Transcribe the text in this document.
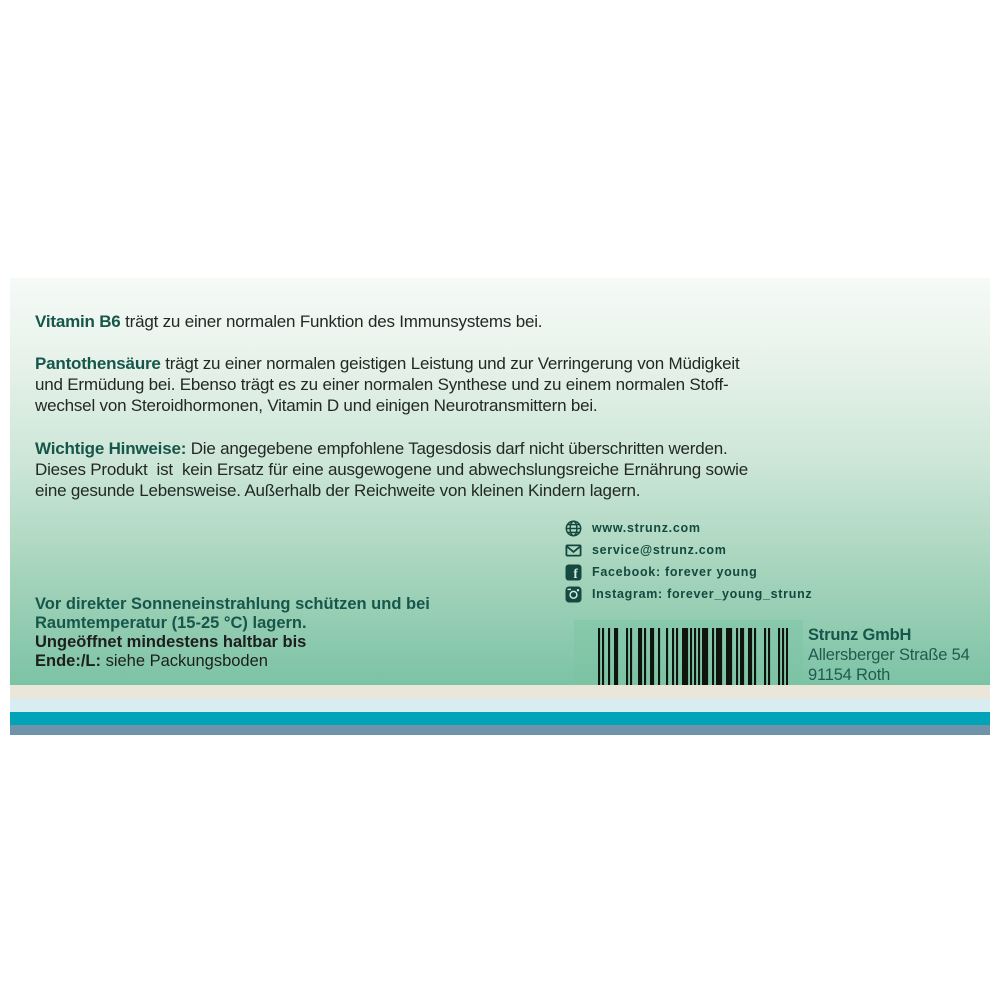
Vitamin B6 trägt zu einer normalen Funktion des Immunsystems bei.
Pantothensäure trägt zu einer normalen geistigen Leistung und zur Verringerung von Müdigkeit
und Ermüdung bei. Ebenso trägt es zu einer normalen Synthese und zu einem normalen Stoff-
wechsel von Steroidhormonen, Vitamin D und einigen Neurotransmittern bei.
Wichtige Hinweise: Die angegebene empfohlene Tagesdosis darf nicht überschritten werden.
Dieses Produkt  ist  kein Ersatz für eine ausgewogene und abwechslungsreiche Ernährung sowie
eine gesunde Lebensweise. Außerhalb der Reichweite von kleinen Kindern lagern.
www.strunz.com
service@strunz.com
f Facebook: forever young
Instagram: forever_young_strunz
Vor direkter Sonneneinstrahlung schützen und bei
Raumtemperatur (15-25 °C) lagern.
Ungeöffnet mindestens haltbar bis
Ende:/L: siehe Packungsboden
Strunz GmbH
Allersberger Straße 54
91154 Roth
